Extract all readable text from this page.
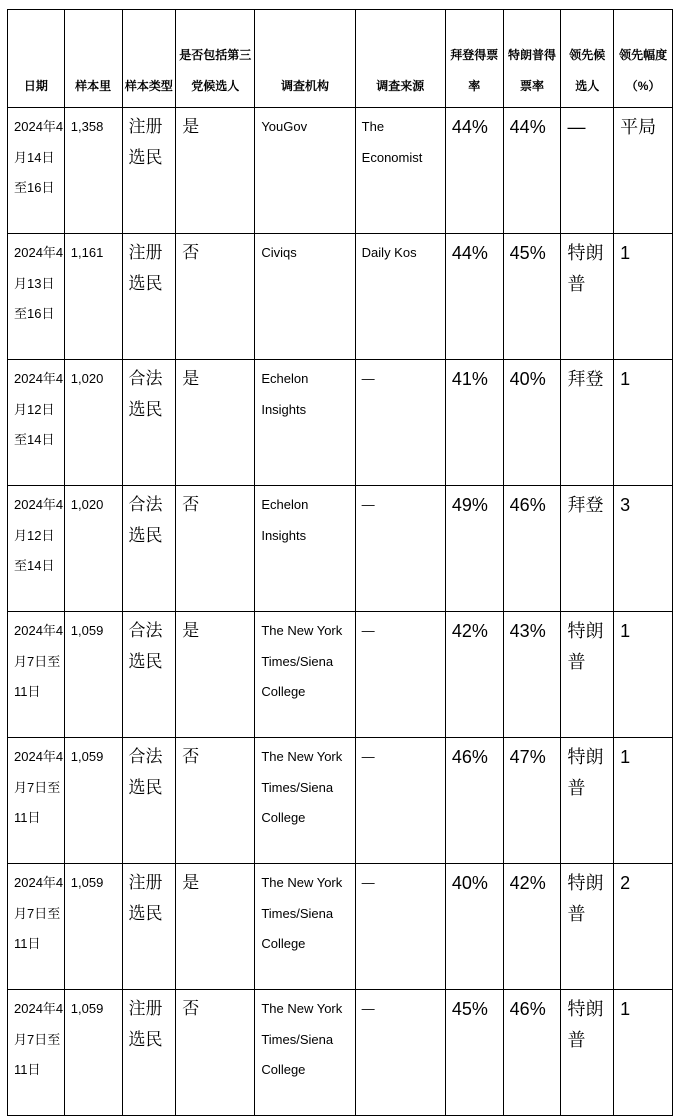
日期	样本里	样本类型	是否包括第三党候选人	调查机构	调查来源	拜登得票率	特朗普得票率	领先候选人	领先幅度（%）
2024年4月14日至16日	1,358	注册选民	是	YouGov	The Economist	44%	44%	—	平局
2024年4月13日至16日	1,161	注册选民	否	Civiqs	Daily Kos	44%	45%	特朗普	1
2024年4月12日至14日	1,020	合法选民	是	Echelon Insights	—	41%	40%	拜登	1
2024年4月12日至14日	1,020	合法选民	否	Echelon Insights	—	49%	46%	拜登	3
2024年4月7日至11日	1,059	合法选民	是	The New York Times/Siena College	—	42%	43%	特朗普	1
2024年4月7日至11日	1,059	合法选民	否	The New York Times/Siena College	—	46%	47%	特朗普	1
2024年4月7日至11日	1,059	注册选民	是	The New York Times/Siena College	—	40%	42%	特朗普	2
2024年4月7日至11日	1,059	注册选民	否	The New York Times/Siena College	—	45%	46%	特朗普	1
